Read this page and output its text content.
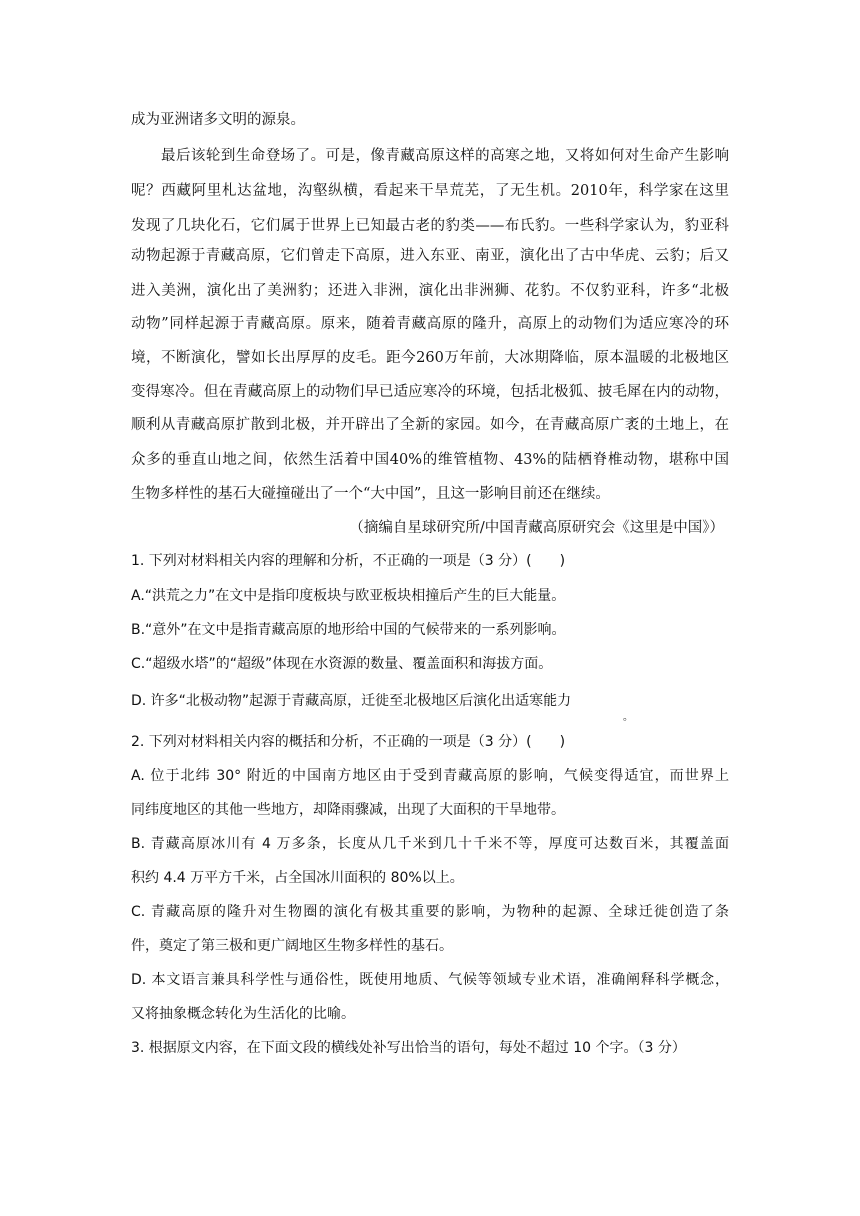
成为亚洲诸多文明的源泉。
最后该轮到生命登场了。可是，像青藏高原这样的高寒之地，又将如何对生命产生影响
呢？西藏阿里札达盆地，沟壑纵横，看起来干旱荒芜，了无生机。2010年，科学家在这里
发现了几块化石，它们属于世界上已知最古老的豹类——布氏豹。一些科学家认为，豹亚科
动物起源于青藏高原，它们曾走下高原，进入东亚、南亚，演化出了古中华虎、云豹；后又
进入美洲，演化出了美洲豹；还进入非洲，演化出非洲狮、花豹。不仅豹亚科，许多“北极
动物”同样起源于青藏高原。原来，随着青藏高原的隆升，高原上的动物们为适应寒冷的环
境，不断演化，譬如长出厚厚的皮毛。距今260万年前，大冰期降临，原本温暖的北极地区
变得寒冷。但在青藏高原上的动物们早已适应寒冷的环境，包括北极狐、披毛犀在内的动物，
顺利从青藏高原扩散到北极，并开辟出了全新的家园。如今，在青藏高原广袤的土地上，在
众多的垂直山地之间，依然生活着中国40%的维管植物、43%的陆栖脊椎动物，堪称中国
生物多样性的基石大碰撞碰出了一个“大中国”，且这一影响目前还在继续。
（摘编自星球研究所/中国青藏高原研究会《这里是中国》）
1. 下列对材料相关内容的理解和分析，不正确的一项是（3 分）(　　)
A.“洪荒之力”在文中是指印度板块与欧亚板块相撞后产生的巨大能量。
B.“意外”在文中是指青藏高原的地形给中国的气候带来的一系列影响。
C.“超级水塔”的“超级”体现在水资源的数量、覆盖面积和海拔方面。
D. 许多“北极动物”起源于青藏高原，迁徙至北极地区后演化出适寒能力
。
2. 下列对材料相关内容的概括和分析，不正确的一项是（3 分）(　　)
A. 位于北纬 30° 附近的中国南方地区由于受到青藏高原的影响，气候变得适宜，而世界上
同纬度地区的其他一些地方，却降雨骤减，出现了大面积的干旱地带。
B. 青藏高原冰川有 4 万多条，长度从几千米到几十千米不等，厚度可达数百米，其覆盖面
积约 4.4 万平方千米，占全国冰川面积的 80%以上。
C. 青藏高原的隆升对生物圈的演化有极其重要的影响，为物种的起源、全球迁徙创造了条
件，奠定了第三极和更广阔地区生物多样性的基石。
D. 本文语言兼具科学性与通俗性，既使用地质、气候等领域专业术语，准确阐释科学概念，
又将抽象概念转化为生活化的比喻。
3. 根据原文内容，在下面文段的横线处补写出恰当的语句，每处不超过 10 个字。（3 分）
